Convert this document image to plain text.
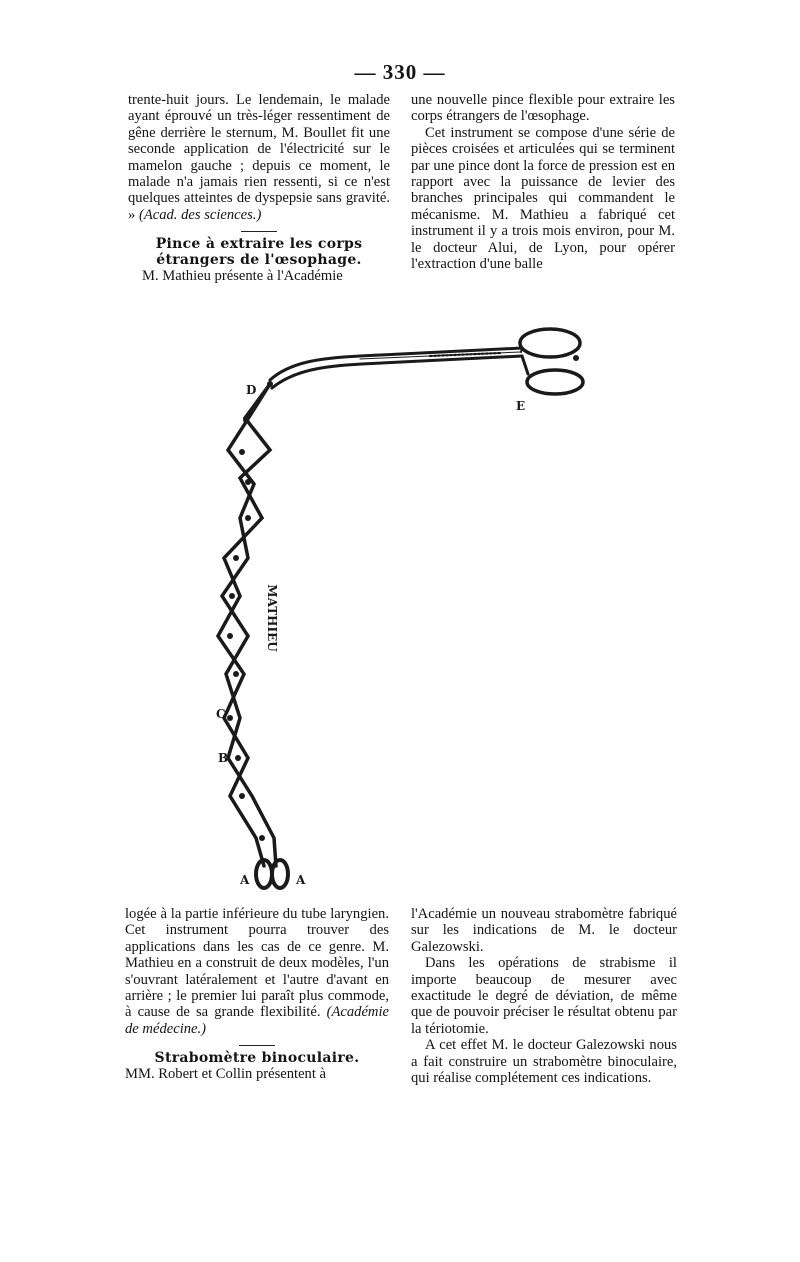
— 330 —

trente-huit jours. Le lendemain, le malade ayant éprouvé un très-léger ressentiment de gêne derrière le sternum, M. Boullet fit une seconde application de l'électricité sur le mamelon gauche ; depuis ce moment, le malade n'a jamais rien ressenti, si ce n'est quelques atteintes de dyspepsie sans gravité. » (Acad. des sciences.)

Pince à extraire les corps étrangers de l'œsophage.

M. Mathieu présente à l'Académie

une nouvelle pince flexible pour extraire les corps étrangers de l'œsophage.

Cet instrument se compose d'une série de pièces croisées et articulées qui se terminent par une pince dont la force de pression est en rapport avec la puissance de levier des branches principales qui commandent le mécanisme. M. Mathieu a fabriqué cet instrument il y a trois mois environ, pour M. le docteur Alui, de Lyon, pour opérer l'extraction d'une balle

D
E
C
B
A	A
MATHIEU

logée à la partie inférieure du tube laryngien. Cet instrument pourra trouver des applications dans les cas de ce genre. M. Mathieu en a construit de deux modèles, l'un s'ouvrant latéralement et l'autre d'avant en arrière ; le premier lui paraît plus commode, à cause de sa grande flexibilité. (Académie de médecine.)

Strabomètre binoculaire.

MM. Robert et Collin présentent à

l'Académie un nouveau strabomètre fabriqué sur les indications de M. le docteur Galezowski.

Dans les opérations de strabisme il importe beaucoup de mesurer avec exactitude le degré de déviation, de même que de pouvoir préciser le résultat obtenu par la tériotomie.

A cet effet M. le docteur Galezowski nous a fait construire un strabomètre binoculaire, qui réalise complétement ces indications.
